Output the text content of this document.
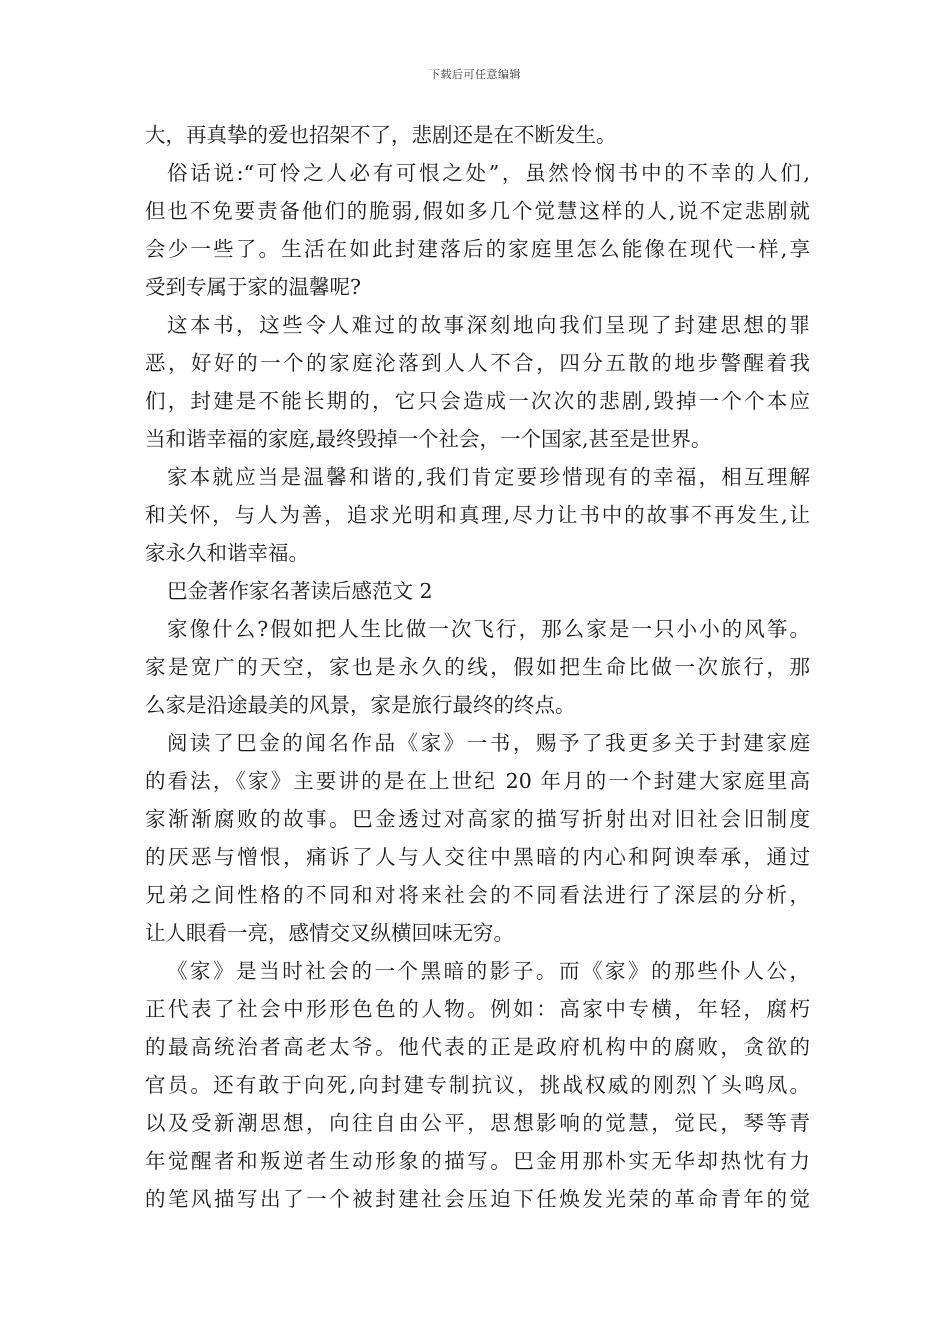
下载后可任意编辑
大，再真挚的爱也招架不了，悲剧还是在不断发生。
俗话说:“可怜之人必有可恨之处”，虽然怜悯书中的不幸的人们,
但也不免要责备他们的脆弱,假如多几个觉慧这样的人,说不定悲剧就
会少一些了。生活在如此封建落后的家庭里怎么能像在现代一样,享
受到专属于家的温馨呢?
这本书，这些令人难过的故事深刻地向我们呈现了封建思想的罪
恶，好好的一个的家庭沦落到人人不合，四分五散的地步警醒着我
们，封建是不能长期的，它只会造成一次次的悲剧,毁掉一个个本应
当和谐幸福的家庭,最终毁掉一个社会，一个国家,甚至是世界。
家本就应当是温馨和谐的,我们肯定要珍惜现有的幸福，相互理解
和关怀，与人为善，追求光明和真理,尽力让书中的故事不再发生,让
家永久和谐幸福。
巴金著作家名著读后感范文 2
家像什么?假如把人生比做一次飞行，那么家是一只小小的风筝。
家是宽广的天空，家也是永久的线，假如把生命比做一次旅行，那
么家是沿途最美的风景，家是旅行最终的终点。
阅读了巴金的闻名作品《家》一书，赐予了我更多关于封建家庭
的看法，《家》主要讲的是在上世纪 20 年月的一个封建大家庭里高
家渐渐腐败的故事。巴金透过对高家的描写折射出对旧社会旧制度
的厌恶与憎恨，痛诉了人与人交往中黑暗的内心和阿谀奉承，通过
兄弟之间性格的不同和对将来社会的不同看法进行了深层的分析，
让人眼看一亮，感情交叉纵横回味无穷。
《家》是当时社会的一个黑暗的影子。而《家》的那些仆人公，
正代表了社会中形形色色的人物。例如：高家中专横，年轻，腐朽
的最高统治者高老太爷。他代表的正是政府机构中的腐败，贪欲的
官员。还有敢于向死,向封建专制抗议，挑战权威的刚烈丫头鸣凤。
以及受新潮思想，向往自由公平，思想影响的觉慧，觉民，琴等青
年觉醒者和叛逆者生动形象的描写。巴金用那朴实无华却热忱有力
的笔风描写出了一个被封建社会压迫下任焕发光荣的革命青年的觉
